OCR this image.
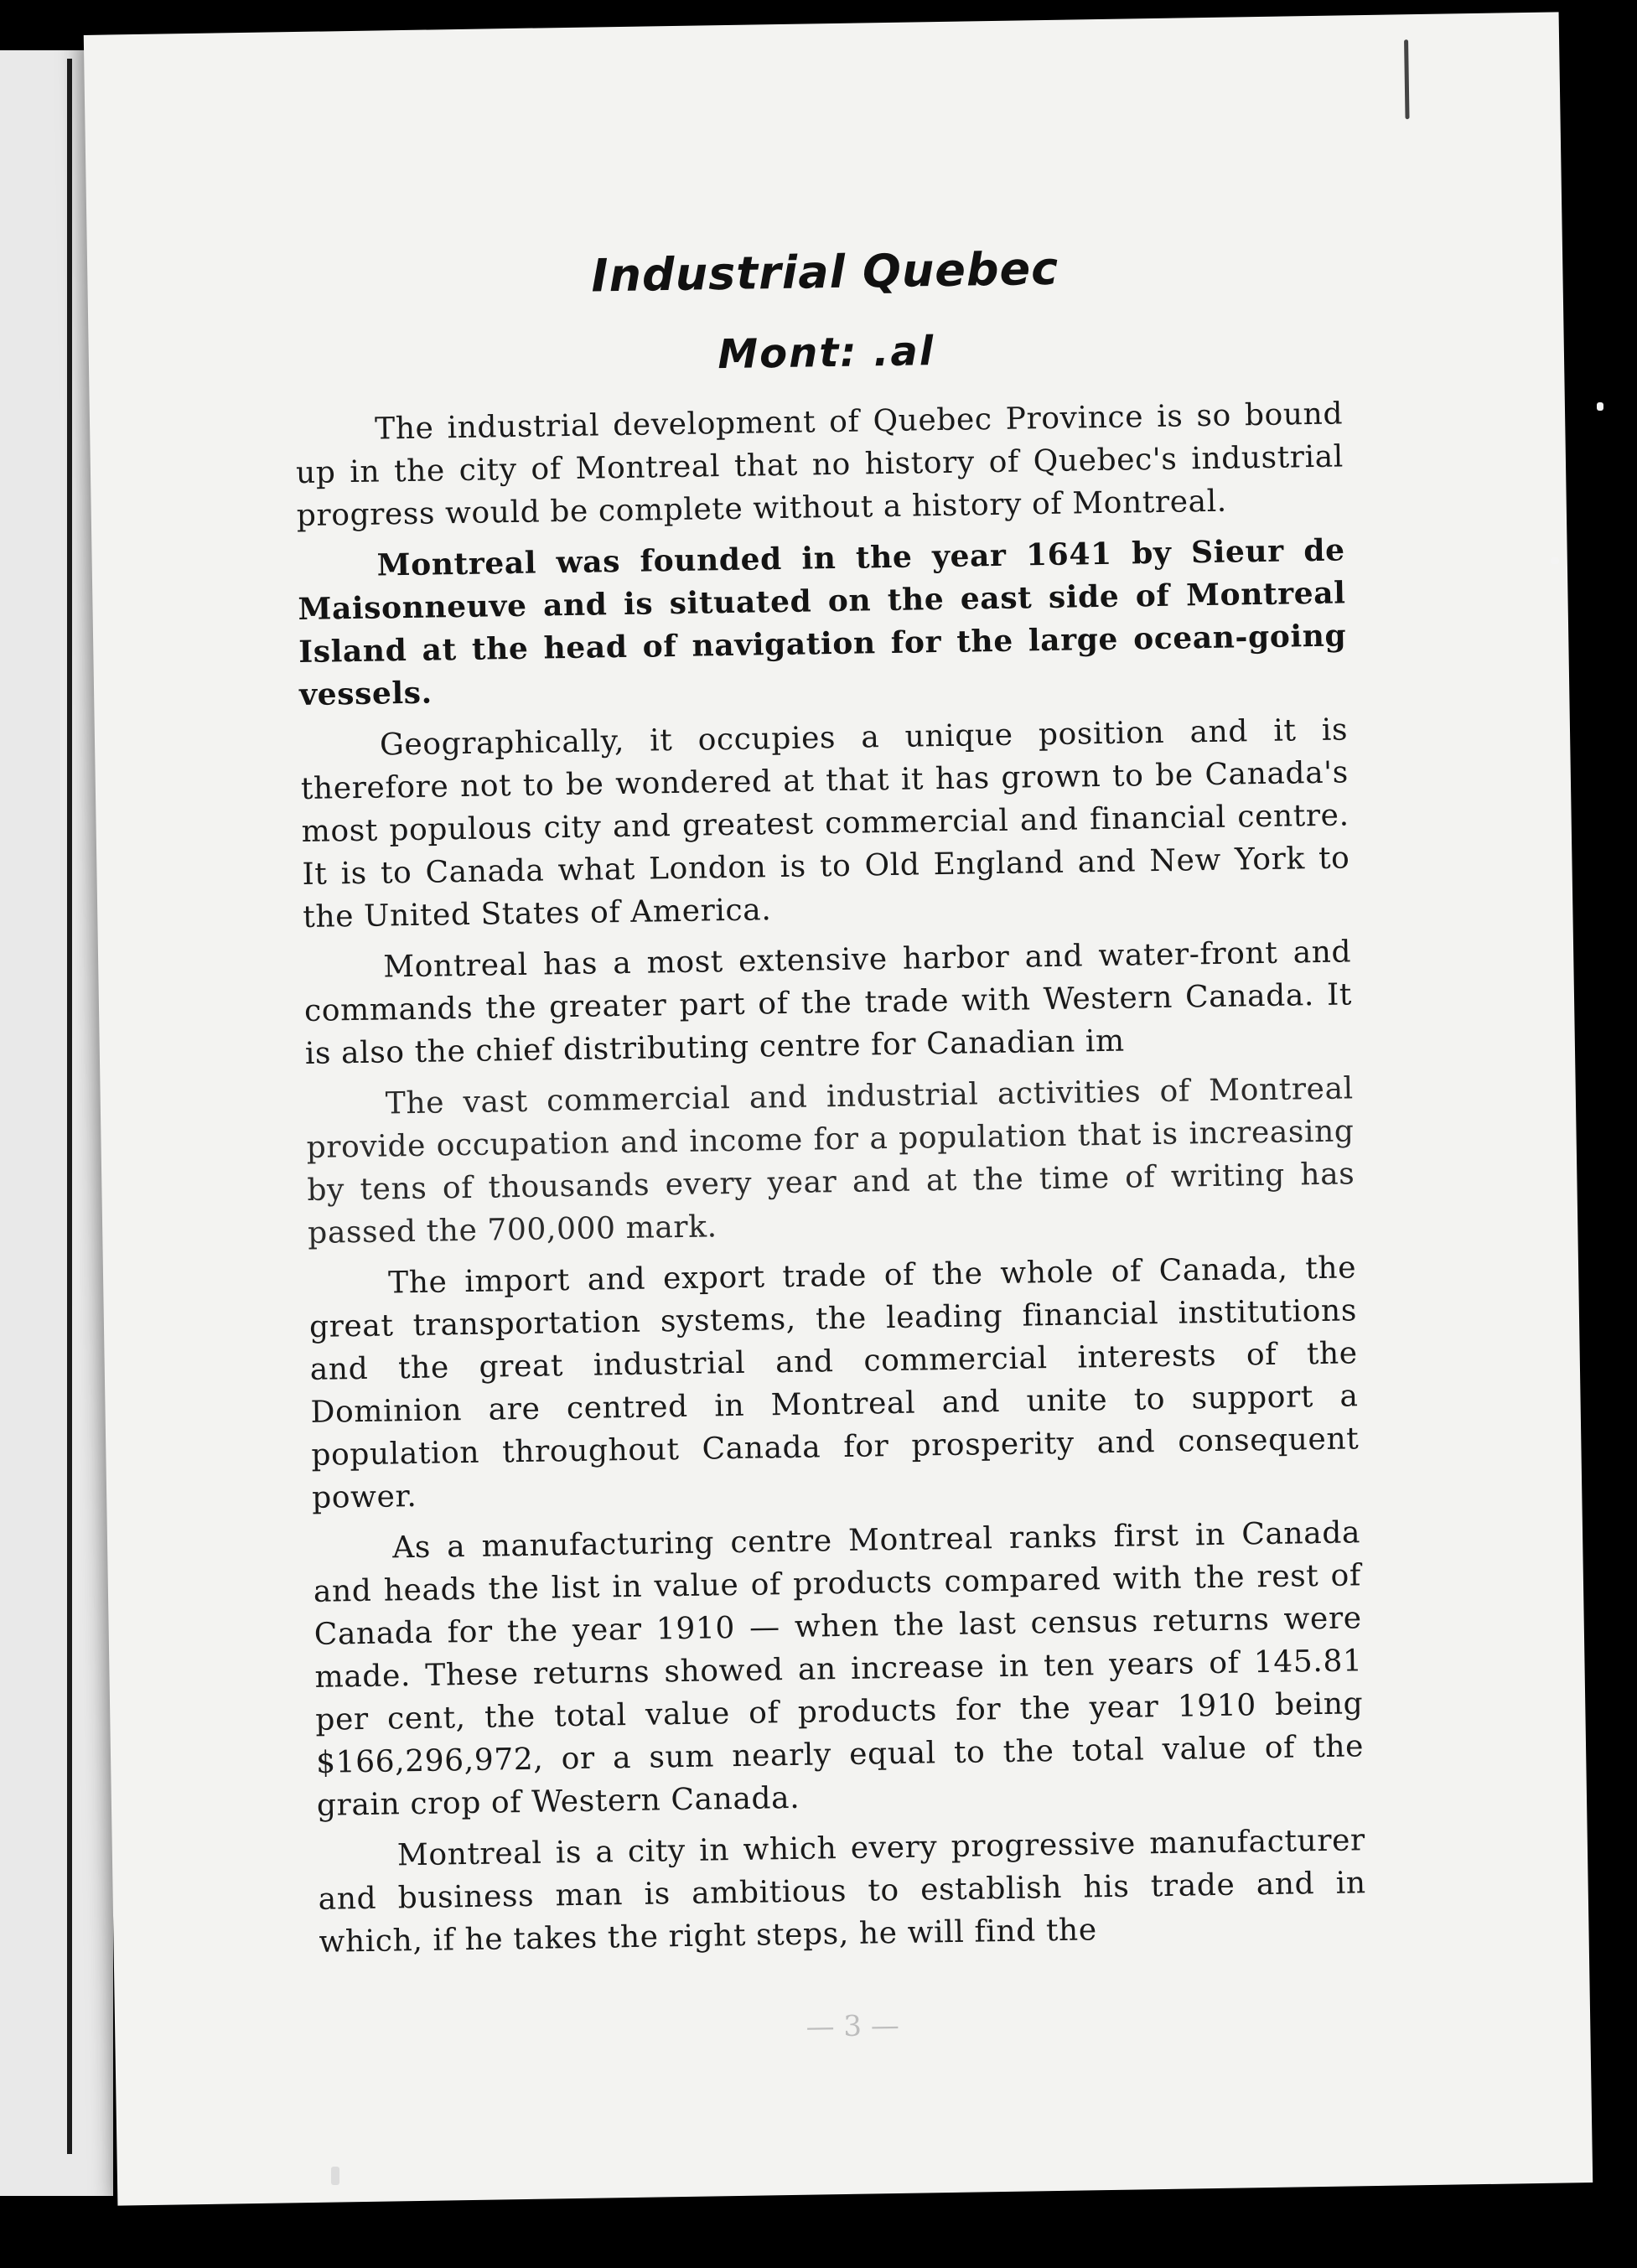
Industrial Quebec
Mont: .al

The industrial development of Quebec Province is so bound up in the city of Montreal that no history of Quebec's industrial progress would be complete without a history of Montreal.

Montreal was founded in the year 1641 by Sieur de Maisonneuve and is situated on the east side of Montreal Island at the head of navigation for the large ocean-going vessels.

Geographically, it occupies a unique position and it is therefore not to be wondered at that it has grown to be Canada's most populous city and greatest commercial and financial centre. It is to Canada what London is to Old England and New York to the United States of America.

Montreal has a most extensive harbor and water-front and commands the greater part of the trade with Western Canada. It is also the chief distributing centre for Canadian im

The vast commercial and industrial activities of Montreal provide occupation and income for a population that is increasing by tens of thousands every year and at the time of writing has passed the 700,000 mark.

The import and export trade of the whole of Canada, the great transportation systems, the leading financial institutions and the great industrial and commercial interests of the Dominion are centred in Montreal and unite to support a population throughout Canada for prosperity and consequent power.

As a manufacturing centre Montreal ranks first in Canada and heads the list in value of products compared with the rest of Canada for the year 1910 — when the last census returns were made. These returns showed an increase in ten years of 145.81 per cent, the total value of products for the year 1910 being $166,296,972, or a sum nearly equal to the total value of the grain crop of Western Canada.

Montreal is a city in which every progressive manufacturer and business man is ambitious to establish his trade and in which, if he takes the right steps, he will find the

— 3 —
